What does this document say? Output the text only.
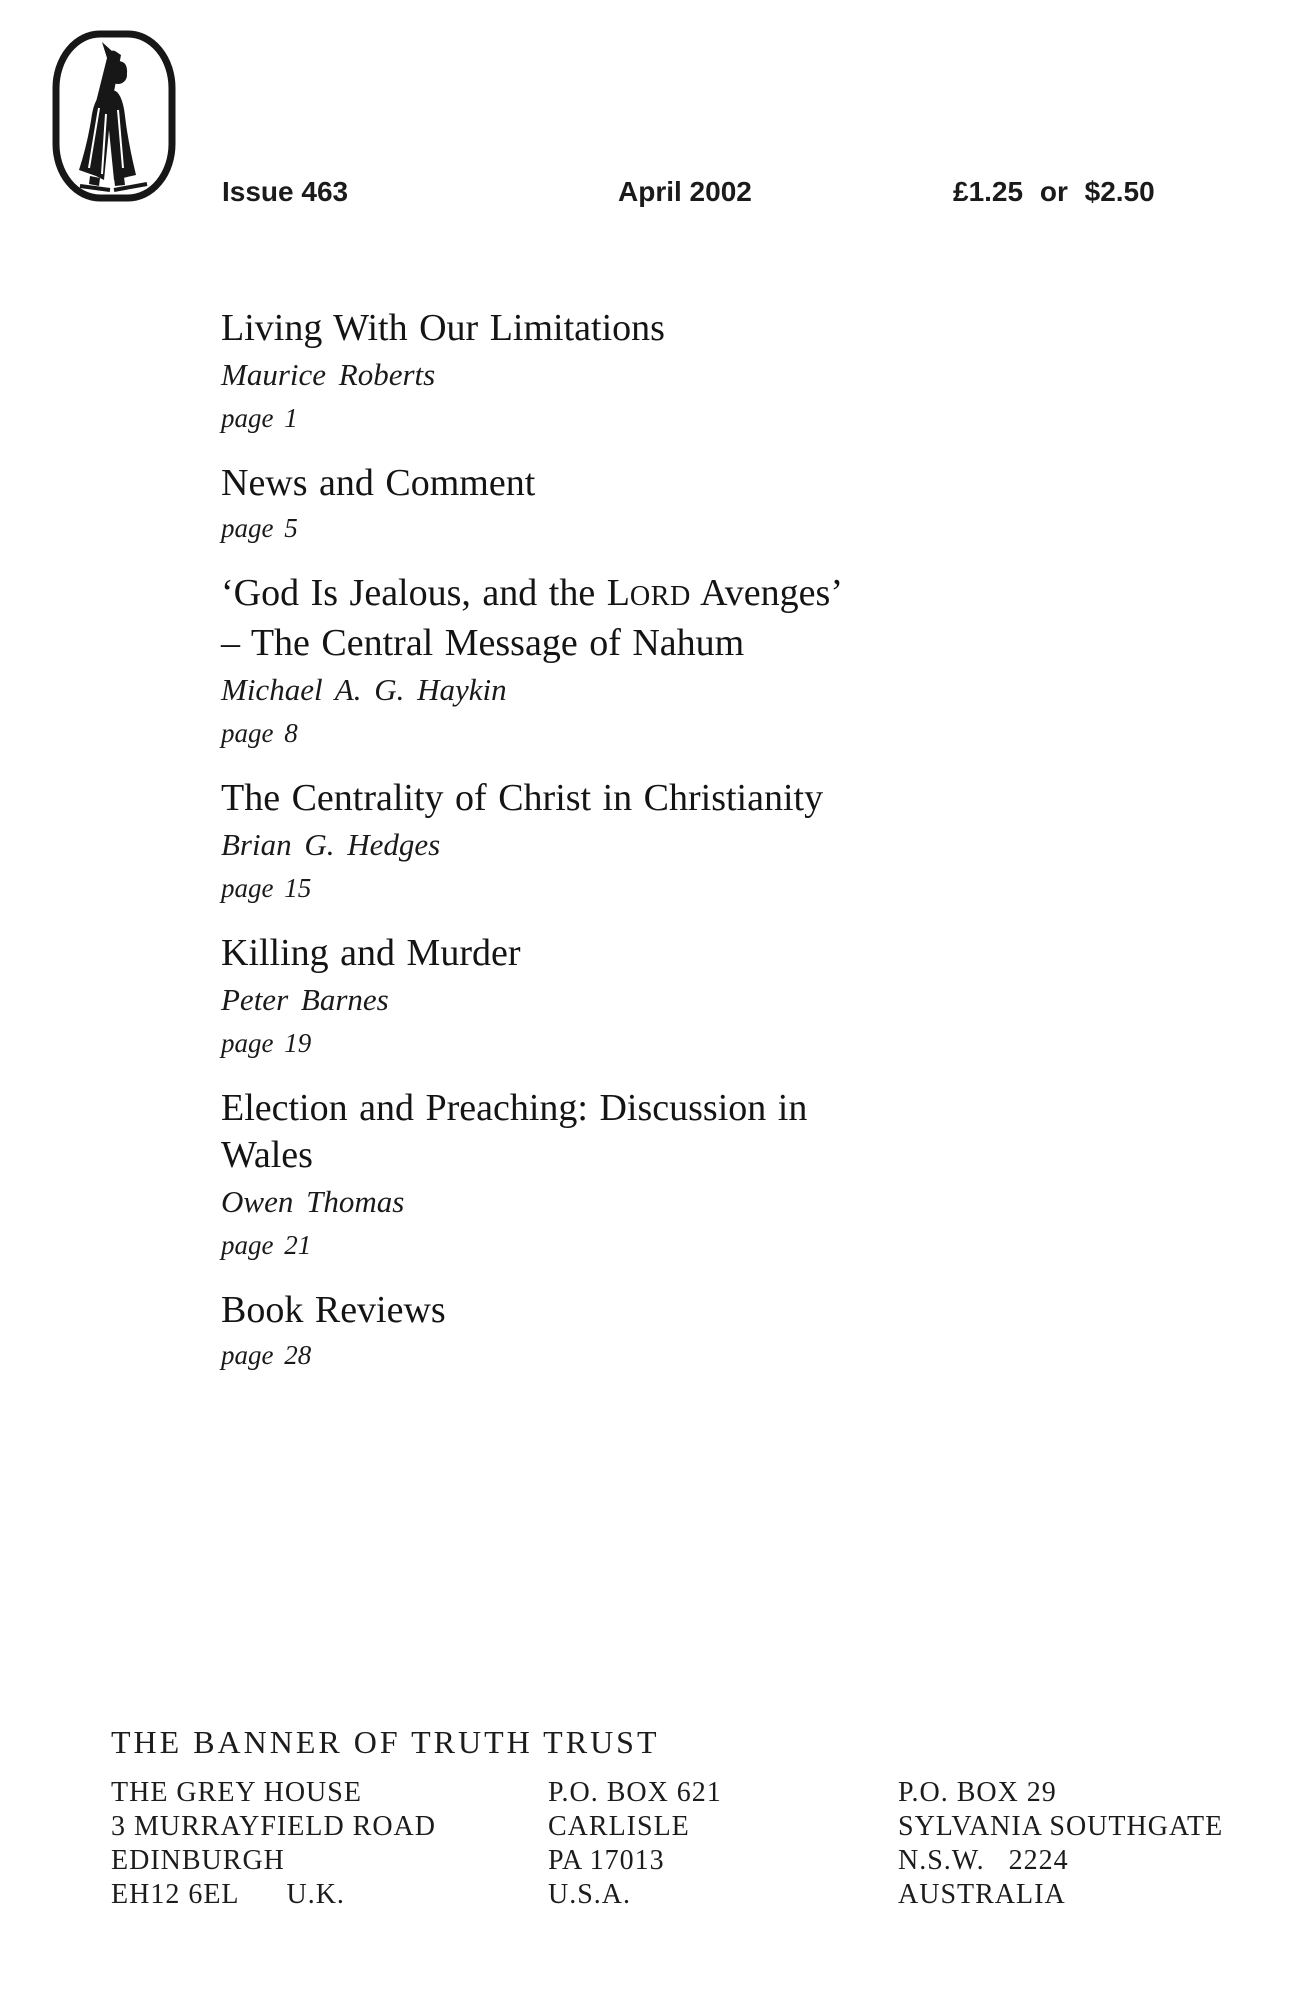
Issue 463	April 2002	£1.25 or $2.50
Living With Our Limitations
Maurice Roberts
page 1
News and Comment
page 5
‘God Is Jealous, and the LORD Avenges’
– The Central Message of Nahum
Michael A. G. Haykin
page 8
The Centrality of Christ in Christianity
Brian G. Hedges
page 15
Killing and Murder
Peter Barnes
page 19
Election and Preaching: Discussion in
Wales
Owen Thomas
page 21
Book Reviews
page 28
THE BANNER OF TRUTH TRUST
THE GREY HOUSE
3 MURRAYFIELD ROAD
EDINBURGH
EH12 6EL      U.K.
P.O. BOX 621
CARLISLE
PA 17013
U.S.A.
P.O. BOX 29
SYLVANIA SOUTHGATE
N.S.W.   2224
AUSTRALIA
